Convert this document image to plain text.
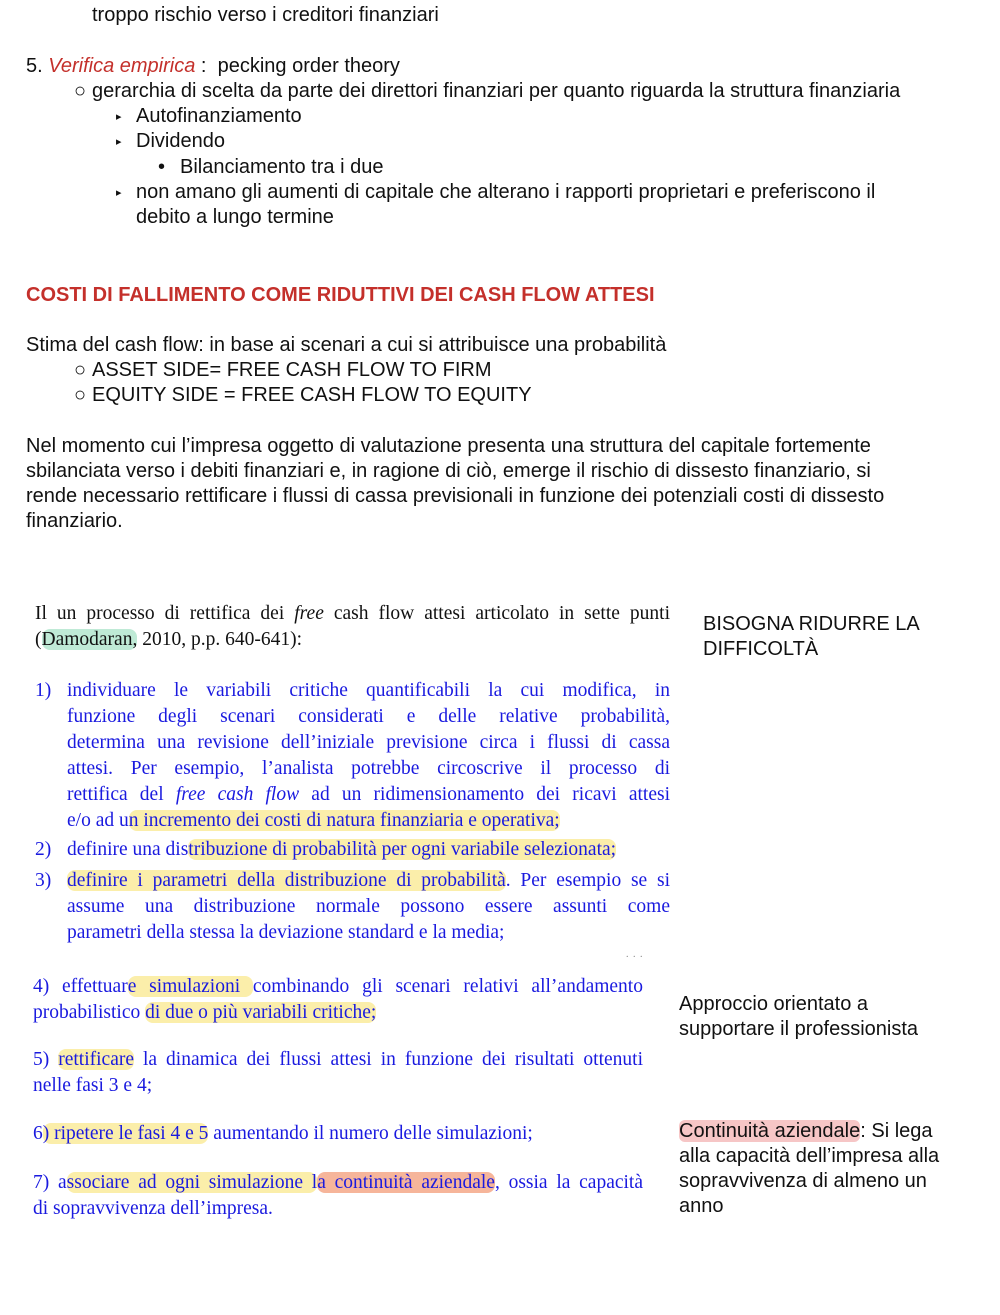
troppo rischio verso i creditori finanziari
5. Verifica empirica :  pecking order theory
○ gerarchia di scelta da parte dei direttori finanziari per quanto riguarda la struttura finanziaria
▸ Autofinanziamento
▸ Dividendo
• Bilanciamento tra i due
▸ non amano gli aumenti di capitale che alterano i rapporti proprietari e preferiscono il
debito a lungo termine
COSTI DI FALLIMENTO COME RIDUTTIVI DEI CASH FLOW ATTESI
Stima del cash flow: in base ai scenari a cui si attribuisce una probabilità
○ ASSET SIDE= FREE CASH FLOW TO FIRM
○ EQUITY SIDE = FREE CASH FLOW TO EQUITY
Nel momento cui l’impresa oggetto di valutazione presenta una struttura del capitale fortemente
sbilanciata verso i debiti finanziari e, in ragione di ciò, emerge il rischio di dissesto finanziario, si
rende necessario rettificare i flussi di cassa previsionali in funzione dei potenziali costi di dissesto
finanziario.
Il un processo di rettifica dei free cash flow attesi articolato in sette punti
(Damodaran, 2010, p.p. 640-641):
1) individuare le variabili critiche quantificabili la cui modifica, in
funzione degli scenari considerati e delle relative probabilità,
determina una revisione dell’iniziale previsione circa i flussi di cassa
attesi. Per esempio, l’analista potrebbe circoscrive il processo di
rettifica del free cash flow ad un ridimensionamento dei ricavi attesi
e/o ad un incremento dei costi di natura finanziaria e operativa;
2) definire una distribuzione di probabilità per ogni variabile selezionata;
3) definire i parametri della distribuzione di probabilità. Per esempio se si
assume una distribuzione normale possono essere assunti come
parametri della stessa la deviazione standard e la media;
. . .
4) effettuare simulazioni combinando gli scenari relativi all’andamento
probabilistico di due o più variabili critiche;
5) rettificare la dinamica dei flussi attesi in funzione dei risultati ottenuti
nelle fasi 3 e 4;
6) ripetere le fasi 4 e 5 aumentando il numero delle simulazioni;
7) associare ad ogni simulazione la continuità aziendale, ossia la capacità
di sopravvivenza dell’impresa.
BISOGNA RIDURRE LA
DIFFICOLTÀ
Approccio orientato a
supportare il professionista
Continuità aziendale: Si lega
alla capacità dell’impresa alla
sopravvivenza di almeno un
anno
